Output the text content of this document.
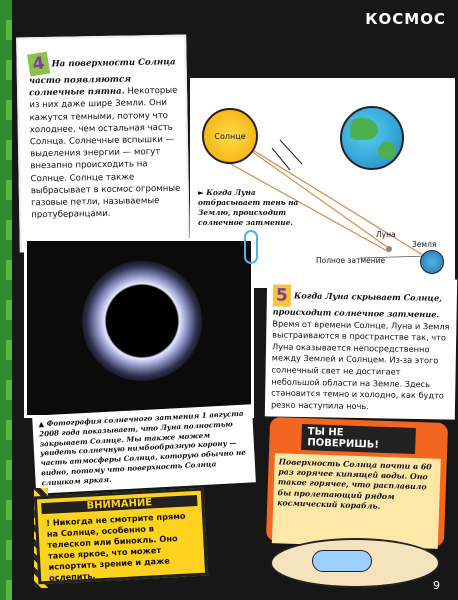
КОСМОС
4 На поверхности Солнца часто появляются солнечные пятна. Некоторые из них даже шире Земли. Они кажутся темными, потому что холоднее, чем остальная часть Солнца. Солнечные вспышки — выделения энергии — могут внезапно происходить на Солнце. Солнце также выбрасывает в космос огромные газовые петли, называемые протуберанцами.
Солнце
► Когда Луна отбрасывает тень на Землю, происходит солнечное затмение.
Луна
Земля
Полное затмение
5 Когда Луна скрывает Солнце, происходит солнечное затмение. Время от времени Солнце, Луна и Земля выстраиваются в пространстве так, что Луна оказывается непосредственно между Землей и Солнцем. Из-за этого солнечный свет не достигает небольшой области на Земле. Здесь становится темно и холодно, как будто резко наступила ночь.
▲ Фотография солнечного затмения 1 августа 2008 года показывает, что Луна полностью закрывает Солнце. Мы также можем увидеть солнечную нимбообразную корону — часть атмосферы Солнца, которую обычно не видно, потому что поверхность Солнца слишком яркая.
ВНИМАНИЕ
! Никогда не смотрите прямо на Солнце, особенно в телескоп или бинокль. Оно такое яркое, что может испортить зрение и даже ослепить.
ТЫ НЕ ПОВЕРИШЬ!
Поверхность Солнца почти в 60 раз горячее кипящей воды. Оно такое горячее, что расплавило бы пролетающий рядом космический корабль.
9
